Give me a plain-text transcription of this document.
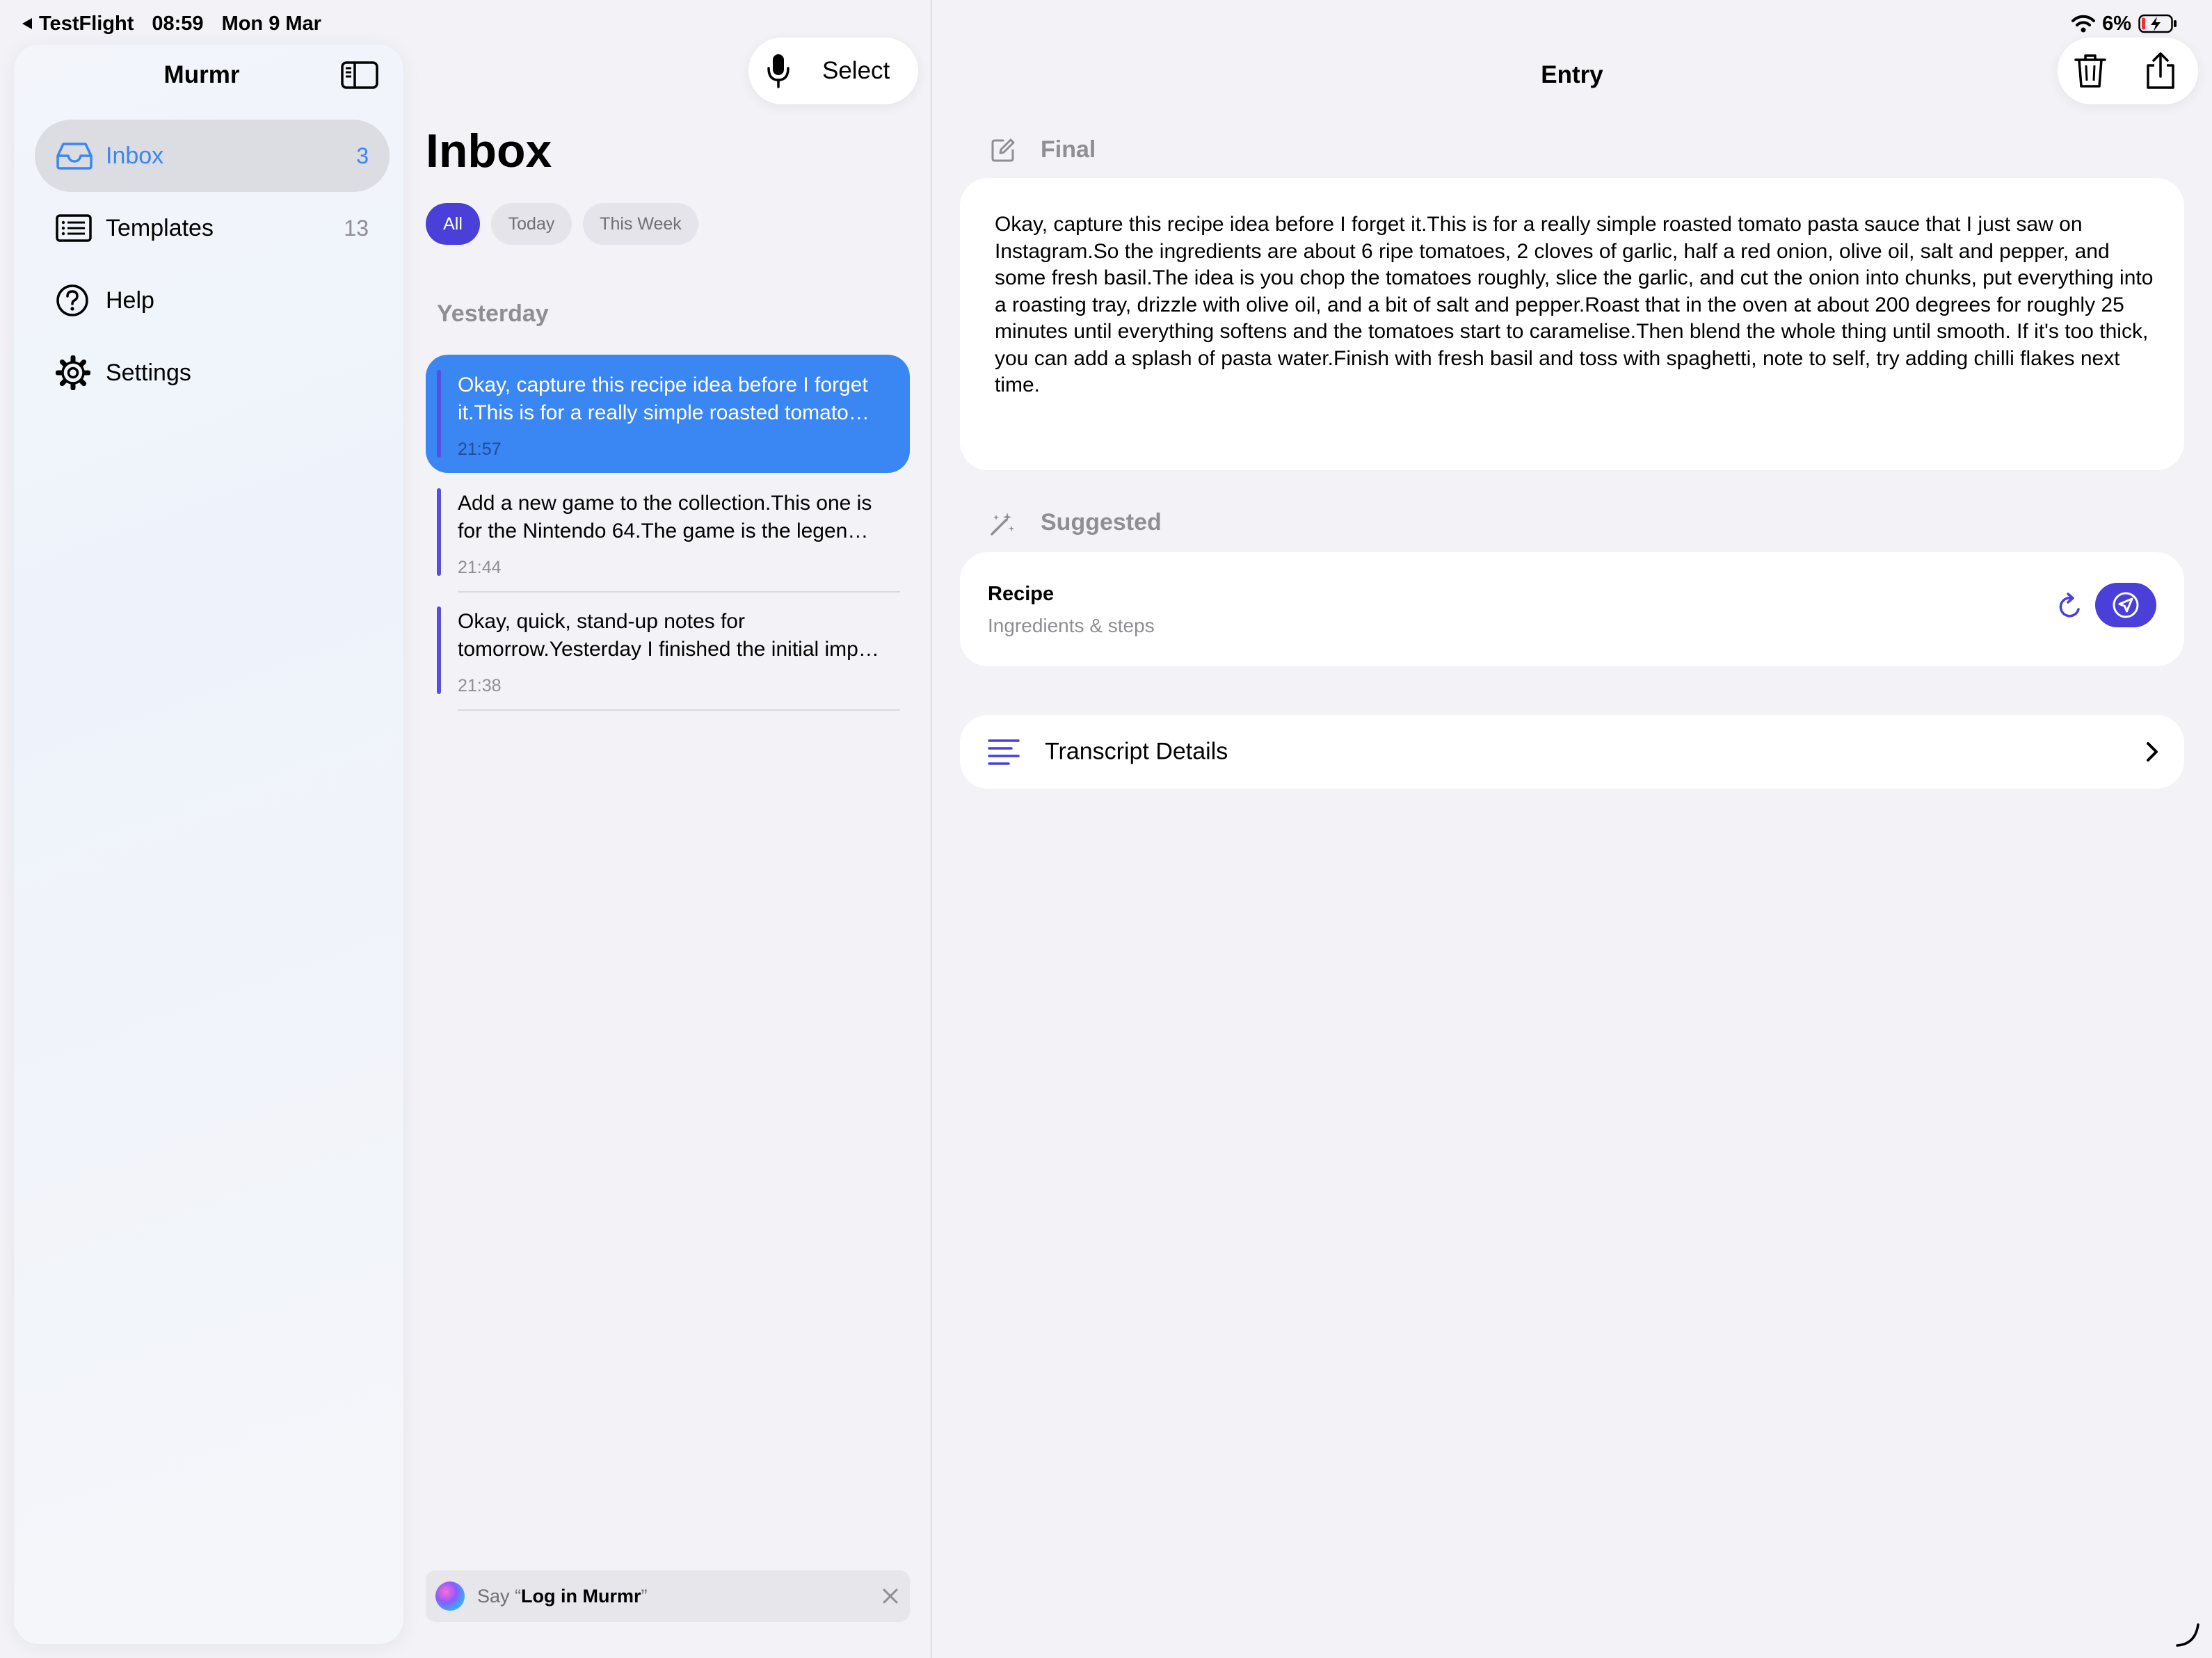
TestFlight 08:59 Mon 9 Mar	6%
Murmr
Inbox	3
Templates	13
Help
Settings
Select
Inbox
All	Today	This Week
Yesterday
Okay, capture this recipe idea before I forget it.This is for a really simple roasted tomato…
21:57
Add a new game to the collection.This one is for the Nintendo 64.The game is the legen…
21:44
Okay, quick, stand-up notes for tomorrow.Yesterday I finished the initial imp…
21:38
Say “Log in Murmr”
Entry
Final
Okay, capture this recipe idea before I forget it.This is for a really simple roasted tomato pasta sauce that I just saw on Instagram.So the ingredients are about 6 ripe tomatoes, 2 cloves of garlic, half a red onion, olive oil, salt and pepper, and some fresh basil.The idea is you chop the tomatoes roughly, slice the garlic, and cut the onion into chunks, put everything into a roasting tray, drizzle with olive oil, and a bit of salt and pepper.Roast that in the oven at about 200 degrees for roughly 25 minutes until everything softens and the tomatoes start to caramelise.Then blend the whole thing until smooth. If it's too thick, you can add a splash of pasta water.Finish with fresh basil and toss with spaghetti, note to self, try adding chilli flakes next time.
Suggested
Recipe
Ingredients & steps
Transcript Details
